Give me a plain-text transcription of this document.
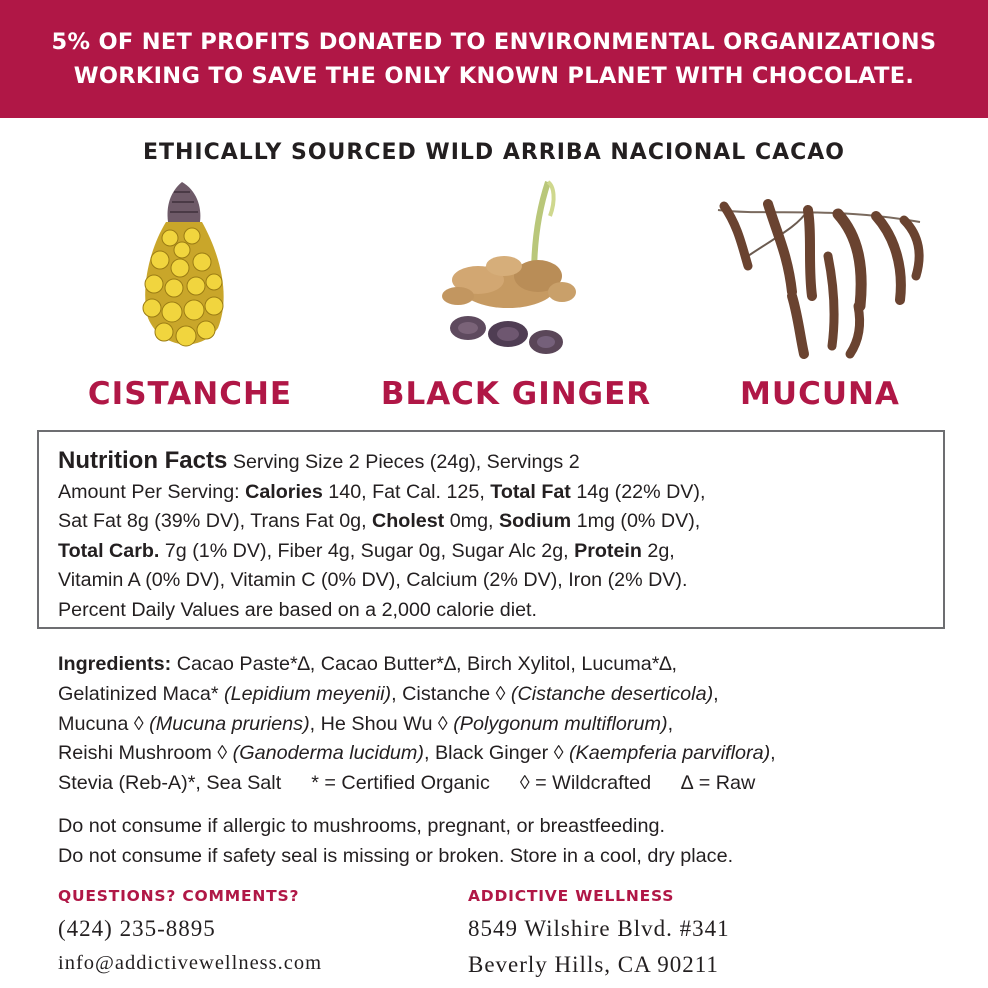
5% OF NET PROFITS DONATED TO ENVIRONMENTAL ORGANIZATIONS
WORKING TO SAVE THE ONLY KNOWN PLANET WITH CHOCOLATE.
ETHICALLY SOURCED WILD ARRIBA NACIONAL CACAO
CISTANCHE	BLACK GINGER	MUCUNA
Nutrition Facts Serving Size 2 Pieces (24g), Servings 2
Amount Per Serving: Calories 140, Fat Cal. 125, Total Fat 14g (22% DV),
Sat Fat 8g (39% DV), Trans Fat 0g, Cholest 0mg, Sodium 1mg (0% DV),
Total Carb. 7g (1% DV), Fiber 4g, Sugar 0g, Sugar Alc 2g, Protein 2g,
Vitamin A (0% DV), Vitamin C (0% DV), Calcium (2% DV), Iron (2% DV).
Percent Daily Values are based on a 2,000 calorie diet.
Ingredients: Cacao Paste*∆, Cacao Butter*∆, Birch Xylitol, Lucuma*∆,
Gelatinized Maca* (Lepidium meyenii), Cistanche ◊ (Cistanche deserticola),
Mucuna ◊ (Mucuna pruriens), He Shou Wu ◊ (Polygonum multiflorum),
Reishi Mushroom ◊ (Ganoderma lucidum), Black Ginger ◊ (Kaempferia parviflora),
Stevia (Reb-A)*, Sea Salt * = Certified Organic ◊ = Wildcrafted ∆ = Raw
Do not consume if allergic to mushrooms, pregnant, or breastfeeding.
Do not consume if safety seal is missing or broken. Store in a cool, dry place.
QUESTIONS? COMMENTS?
(424) 235-8895
info@addictivewellness.com
ADDICTIVE WELLNESS
8549 Wilshire Blvd. #341
Beverly Hills, CA 90211
